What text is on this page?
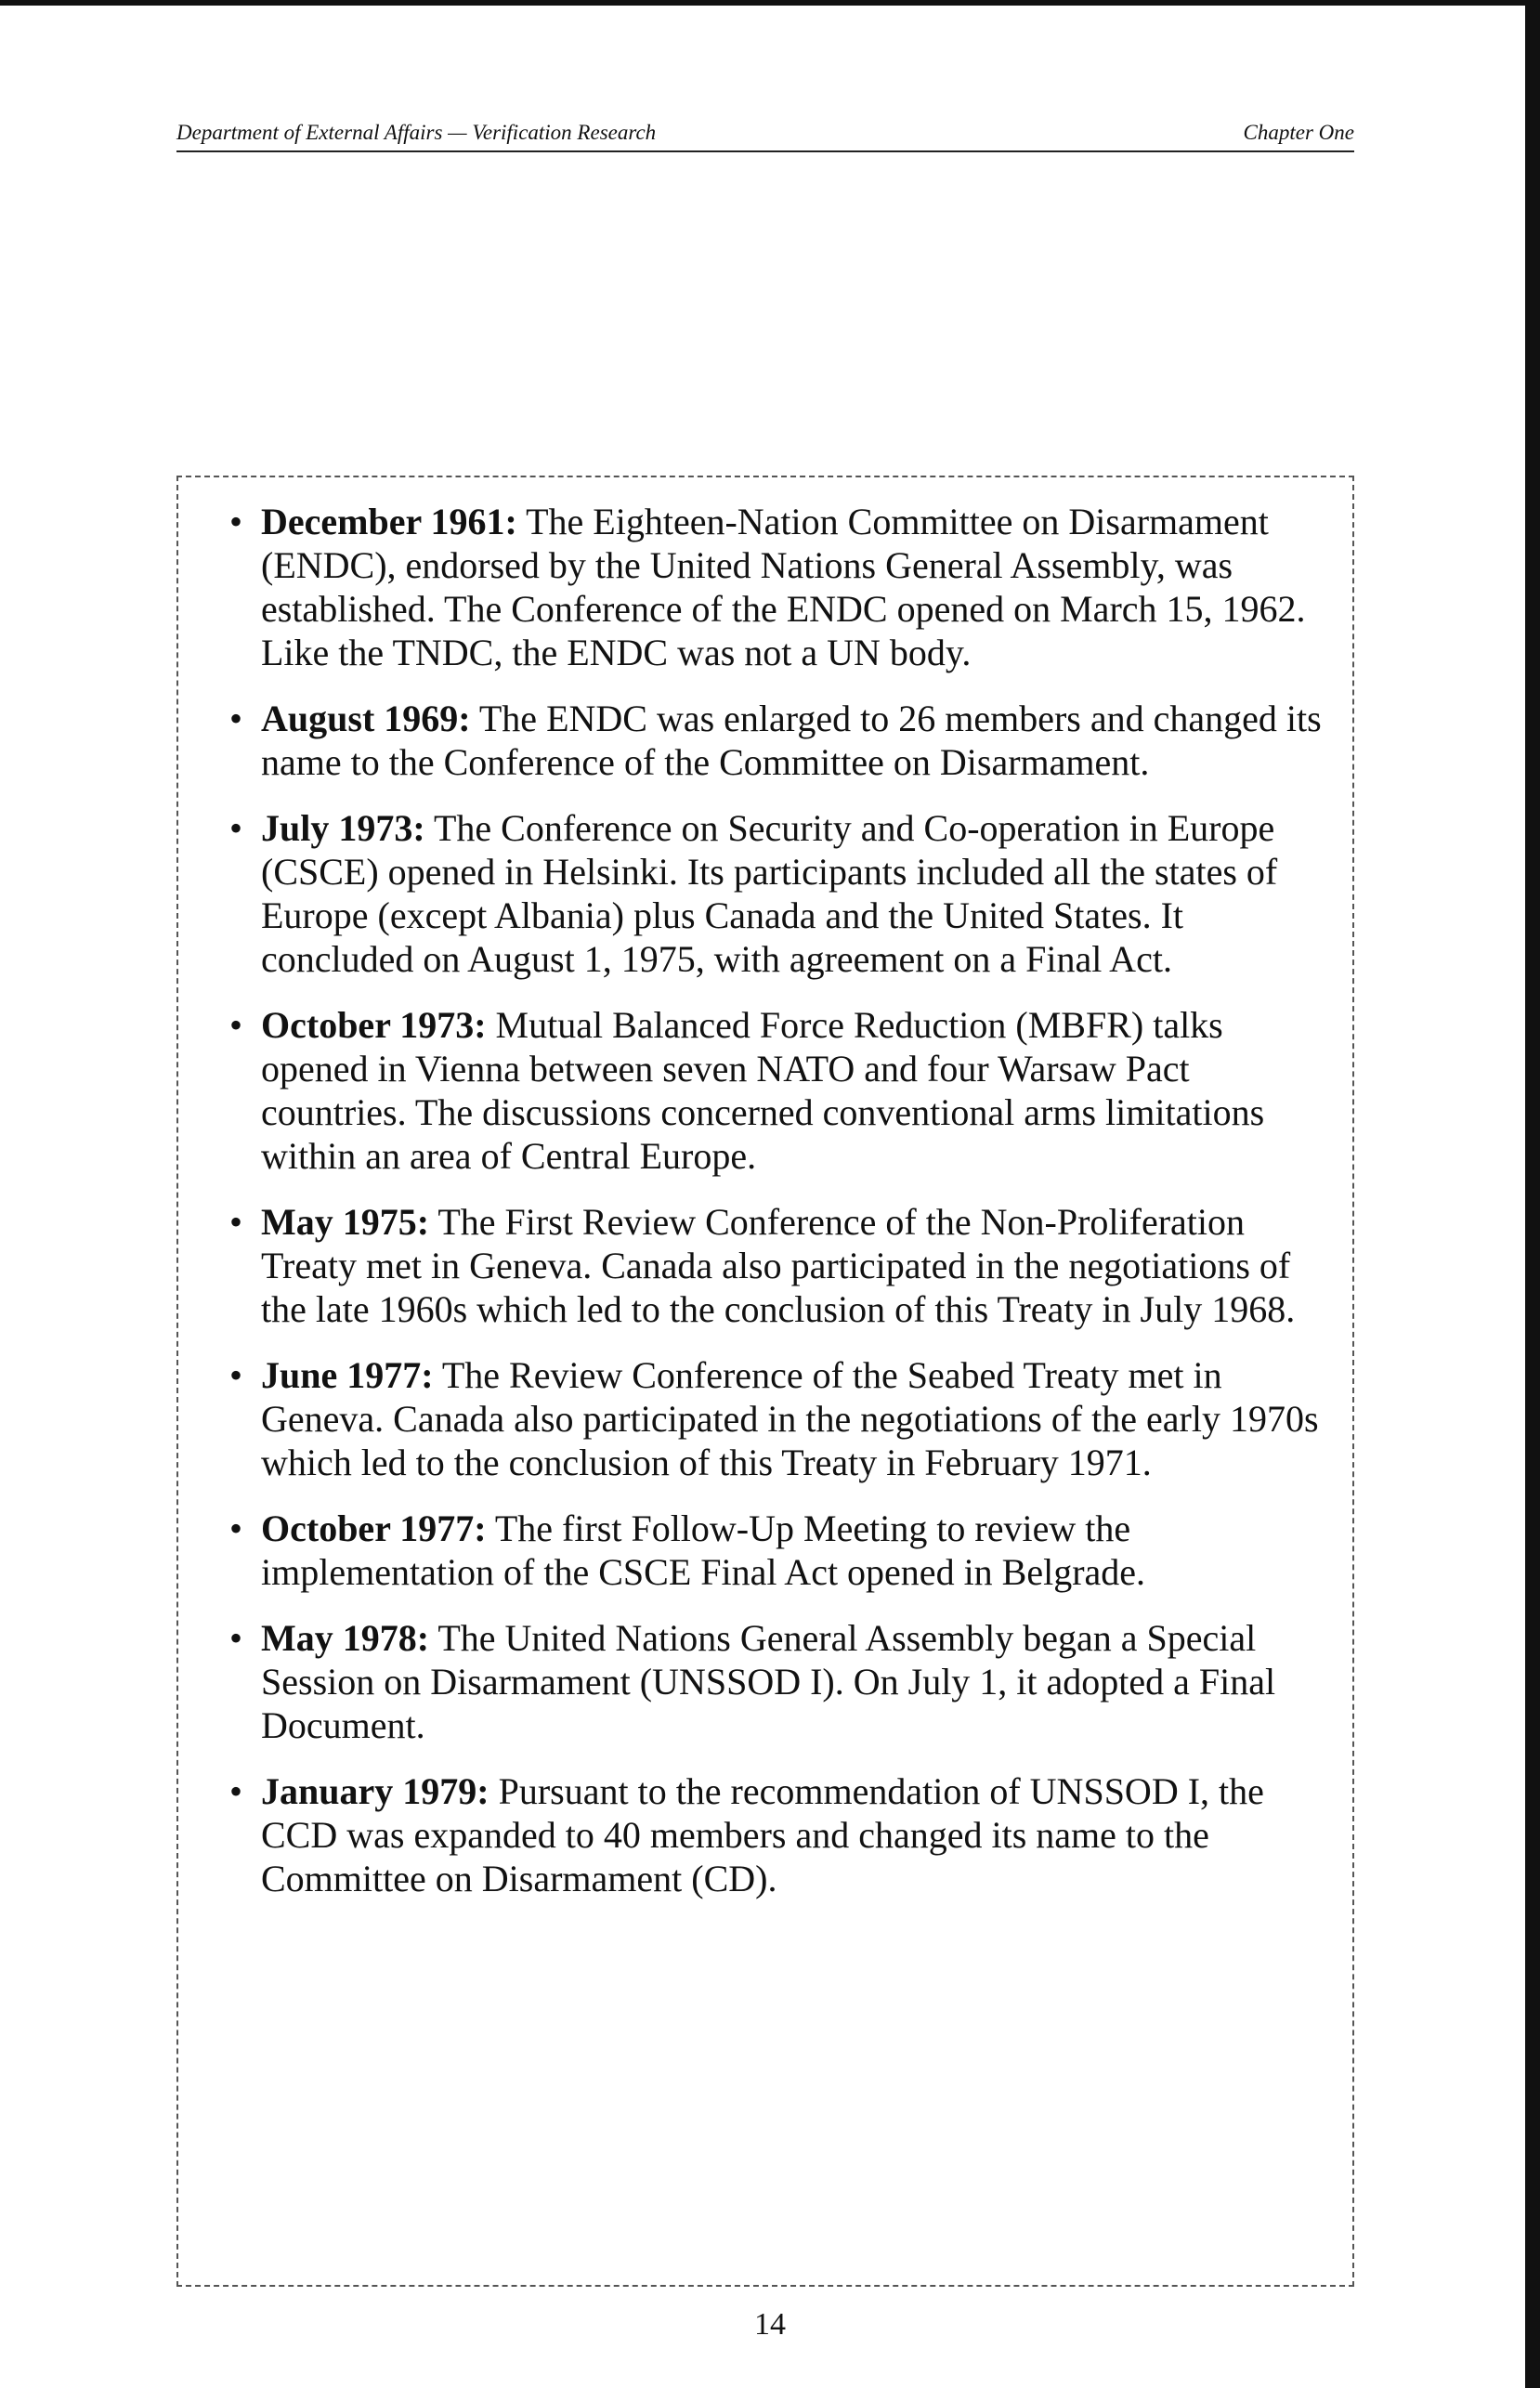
Department of External Affairs — Verification Research	Chapter One
• December 1961: The Eighteen-Nation Committee on Disarmament (ENDC), endorsed by the United Nations General Assembly, was established. The Conference of the ENDC opened on March 15, 1962. Like the TNDC, the ENDC was not a UN body.
• August 1969: The ENDC was enlarged to 26 members and changed its name to the Conference of the Committee on Disarmament.
• July 1973: The Conference on Security and Co-operation in Europe (CSCE) opened in Helsinki. Its participants included all the states of Europe (except Albania) plus Canada and the United States. It concluded on August 1, 1975, with agreement on a Final Act.
• October 1973: Mutual Balanced Force Reduction (MBFR) talks opened in Vienna between seven NATO and four Warsaw Pact countries. The discussions concerned conventional arms limitations within an area of Central Europe.
• May 1975: The First Review Conference of the Non-Proliferation Treaty met in Geneva. Canada also participated in the negotiations of the late 1960s which led to the conclusion of this Treaty in July 1968.
• June 1977: The Review Conference of the Seabed Treaty met in Geneva. Canada also participated in the negotiations of the early 1970s which led to the conclusion of this Treaty in February 1971.
• October 1977: The first Follow-Up Meeting to review the implementation of the CSCE Final Act opened in Belgrade.
• May 1978: The United Nations General Assembly began a Special Session on Disarmament (UNSSOD I). On July 1, it adopted a Final Document.
• January 1979: Pursuant to the recommendation of UNSSOD I, the CCD was expanded to 40 members and changed its name to the Committee on Disarmament (CD).
14
